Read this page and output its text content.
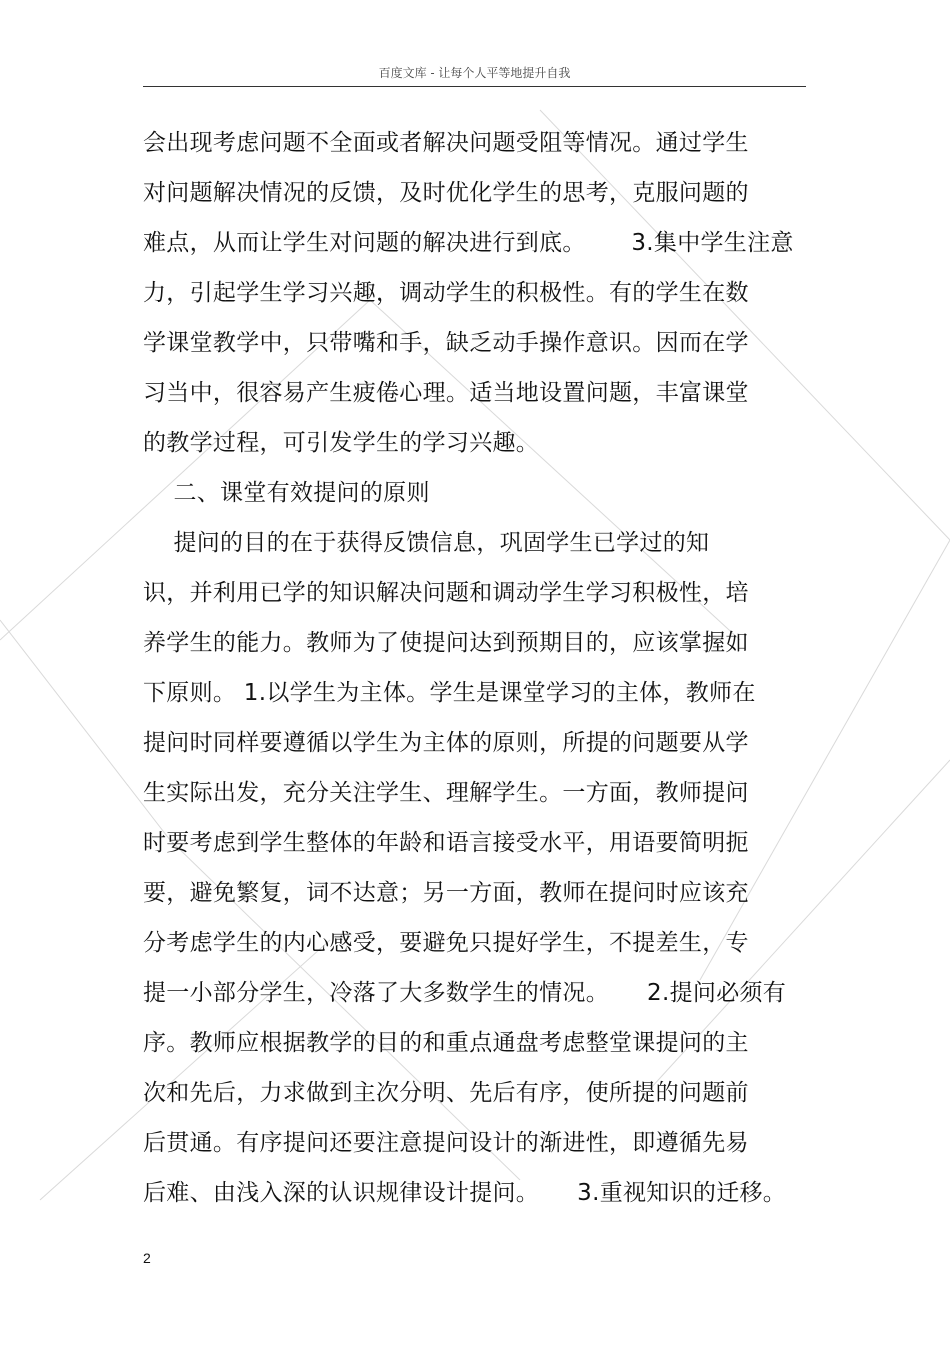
百度文库 - 让每个人平等地提升自我
会出现考虑问题不全面或者解决问题受阻等情况。通过学生
对问题解决情况的反馈，及时优化学生的思考，克服问题的
难点，从而让学生对问题的解决进行到底。      3.集中学生注意
力，引起学生学习兴趣，调动学生的积极性。有的学生在数
学课堂教学中，只带嘴和手，缺乏动手操作意识。因而在学
习当中，很容易产生疲倦心理。适当地设置问题，丰富课堂
的教学过程，可引发学生的学习兴趣。
二、课堂有效提问的原则
提问的目的在于获得反馈信息，巩固学生已学过的知
识，并利用已学的知识解决问题和调动学生学习积极性，培
养学生的能力。教师为了使提问达到预期目的，应该掌握如
下原则。 1.以学生为主体。学生是课堂学习的主体，教师在
提问时同样要遵循以学生为主体的原则，所提的问题要从学
生实际出发，充分关注学生、理解学生。一方面，教师提问
时要考虑到学生整体的年龄和语言接受水平，用语要简明扼
要，避免繁复，词不达意；另一方面，教师在提问时应该充
分考虑学生的内心感受，要避免只提好学生，不提差生，专
提一小部分学生，冷落了大多数学生的情况。     2.提问必须有
序。教师应根据教学的目的和重点通盘考虑整堂课提问的主
次和先后，力求做到主次分明、先后有序，使所提的问题前
后贯通。有序提问还要注意提问设计的渐进性，即遵循先易
后难、由浅入深的认识规律设计提问。     3.重视知识的迁移。
2
